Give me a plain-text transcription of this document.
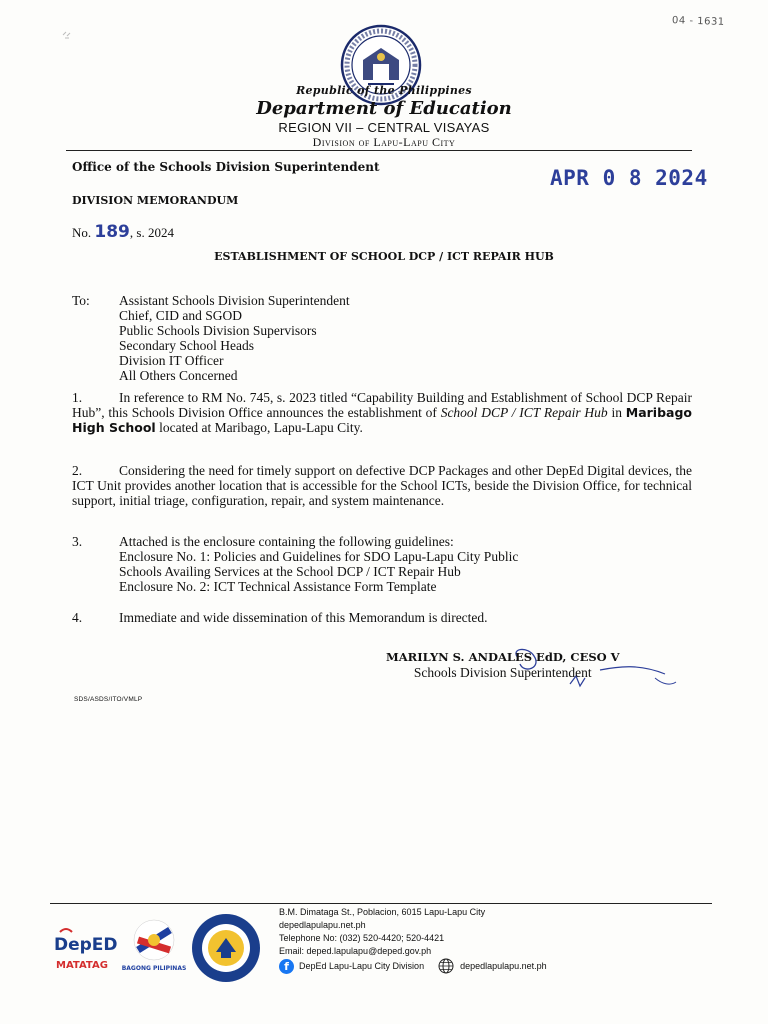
04 - 1631
Republic of the Philippines
Department of Education
REGION VII – CENTRAL VISAYAS
Division of Lapu-Lapu City
Office of the Schools Division Superintendent	APR 0 8 2024
DIVISION MEMORANDUM
No. 189, s. 2024
ESTABLISHMENT OF SCHOOL DCP / ICT REPAIR HUB
To: Assistant Schools Division Superintendent
Chief, CID and SGOD
Public Schools Division Supervisors
Secondary School Heads
Division IT Officer
All Others Concerned
1.	In reference to RM No. 745, s. 2023 titled “Capability Building and Establishment of School DCP Repair Hub”, this Schools Division Office announces the establishment of School DCP / ICT Repair Hub in Maribago High School located at Maribago, Lapu-Lapu City.
2.	Considering the need for timely support on defective DCP Packages and other DepEd Digital devices, the ICT Unit provides another location that is accessible for the School ICTs, beside the Division Office, for technical support, initial triage, configuration, repair, and system maintenance.
3.	Attached is the enclosure containing the following guidelines:
Enclosure No. 1: Policies and Guidelines for SDO Lapu-Lapu City Public
Schools Availing Services at the School DCP / ICT Repair Hub
Enclosure No. 2: ICT Technical Assistance Form Template
4.	Immediate and wide dissemination of this Memorandum is directed.
MARILYN S. ANDALES EdD, CESO V
Schools Division Superintendent
SDS/ASDS/ITO/VMLP
DepED
MATATAG BAGONG PILIPINAS
B.M. Dimataga St., Poblacion, 6015 Lapu-Lapu City
depedlapulapu.net.ph
Telephone No: (032) 520-4420; 520-4421
Email: deped.lapulapu@deped.gov.ph
f	DepEd Lapu-Lapu City Division	depedlapulapu.net.ph
